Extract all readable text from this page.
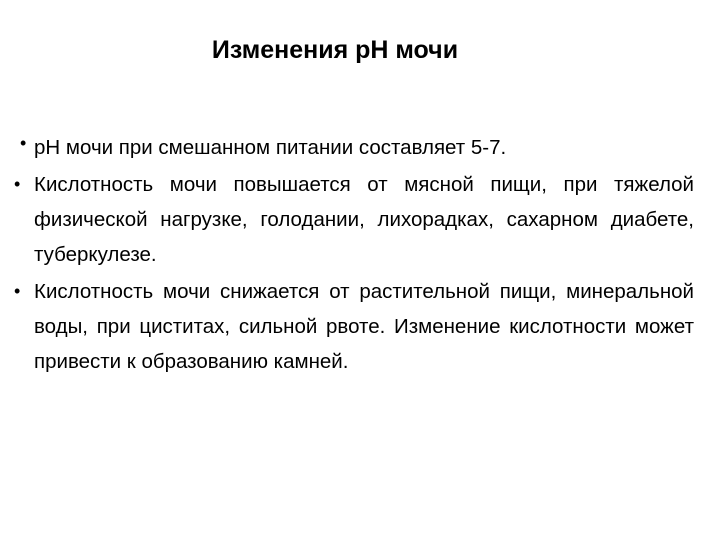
Изменения рН мочи
• рН мочи при смешанном питании составляет 5-7.
• Кислотность мочи повышается от мясной пищи, при тяжелой физической нагрузке, голодании, лихорадках, сахарном диабете, туберкулезе.
• Кислотность мочи снижается от растительной пищи, минеральной воды, при циститах, сильной рвоте. Изменение кислотности может привести к образованию камней.
